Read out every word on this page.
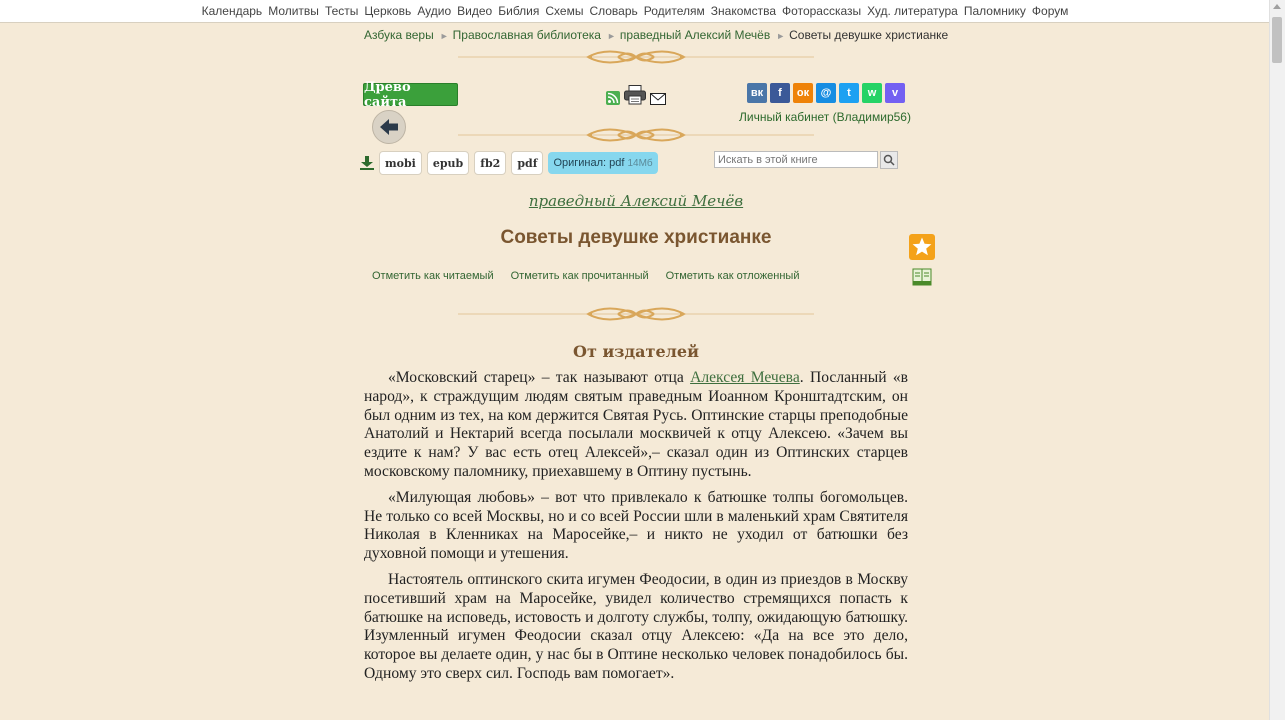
Календарь Молитвы Тесты Церковь Аудио Видео Библия Схемы Словарь Родителям Знакомства Фоторассказы Худ. литература Паломнику Форум
Азбука веры ► Православная библиотека ► праведный Алексий Мечёв ► Советы девушке христианке
Древо сайта
вк	f	ок	@	t	w	v
Личный кабинет (Владимир56)
mobi	epub	fb2	pdf	Оригинал: pdf 14Мб
Искать в этой книге
праведный Алексий Мечёв
Советы девушке христианке
Отметить как читаемый Отметить как прочитанный Отметить как отложенный
От издателей

«Московский старец» – так называют отца Алексея Мечева. Посланный «в народ», к страждущим людям святым праведным Иоанном Кронштадтским, он был одним из тех, на ком держится Святая Русь. Оптинские старцы преподобные Анатолий и Нектарий всегда посылали москвичей к отцу Алексею. «Зачем вы ездите к нам? У вас есть отец Алексей»,– сказал один из Оптинских старцев московскому паломнику, приехавшему в Оптину пустынь.

«Милующая любовь» – вот что привлекало к батюшке толпы богомольцев. Не только со всей Москвы, но и со всей России шли в маленький храм Святителя Николая в Кленниках на Маросейке,– и никто не уходил от батюшки без духовной помощи и утешения.

Настоятель оптинского скита игумен Феодосии, в один из приездов в Москву посетивший храм на Маросейке, увидел количество стремящихся попасть к батюшке на исповедь, истовость и долготу службы, толпу, ожидающую батюшку. Изумленный игумен Феодосии сказал отцу Алексею: «Да на все это дело, которое вы делаете один, у нас бы в Оптине несколько человек понадобилось бы. Одному это сверх сил. Господь вам помогает».
